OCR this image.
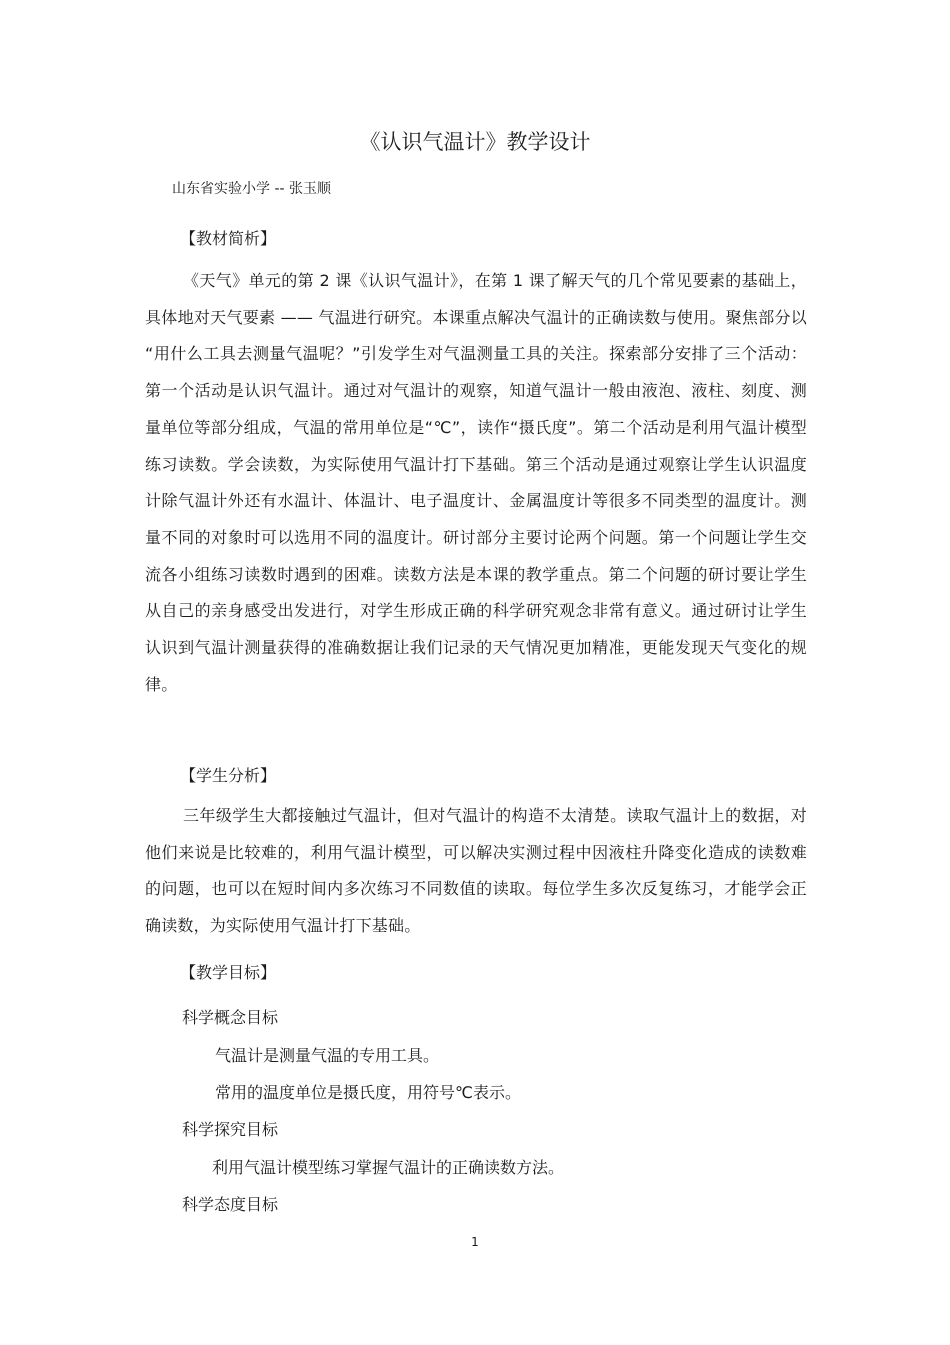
《认识气温计》教学设计
山东省实验小学 -- 张玉顺
【教材简析】
《天气》单元的第 2 课《认识气温计》，在第 1 课了解天气的几个常见要素的基础上，具体地对天气要素 —— 气温进行研究。本课重点解决气温计的正确读数与使用。聚焦部分以 “用什么工具去测量气温呢？”引发学生对气温测量工具的关注。探索部分安排了三个活动：第一个活动是认识气温计。通过对气温计的观察，知道气温计一般由液泡、液柱、刻度、测量单位等部分组成，气温的常用单位是“℃”，读作“摄氏度”。第二个活动是利用气温计模型练习读数。学会读数，为实际使用气温计打下基础。第三个活动是通过观察让学生认识温度计除气温计外还有水温计、体温计、电子温度计、金属温度计等很多不同类型的温度计。测量不同的对象时可以选用不同的温度计。研讨部分主要讨论两个问题。第一个问题让学生交流各小组练习读数时遇到的困难。读数方法是本课的教学重点。第二个问题的研讨要让学生从自己的亲身感受出发进行，对学生形成正确的科学研究观念非常有意义。通过研讨让学生认识到气温计测量获得的准确数据让我们记录的天气情况更加精准，更能发现天气变化的规律。
【学生分析】
三年级学生大都接触过气温计，但对气温计的构造不太清楚。读取气温计上的数据，对他们来说是比较难的，利用气温计模型，可以解决实测过程中因液柱升降变化造成的读数难的问题，也可以在短时间内多次练习不同数值的读取。每位学生多次反复练习，才能学会正确读数，为实际使用气温计打下基础。
【教学目标】
科学概念目标
气温计是测量气温的专用工具。
常用的温度单位是摄氏度，用符号℃表示。
科学探究目标
利用气温计模型练习掌握气温计的正确读数方法。
科学态度目标
1
